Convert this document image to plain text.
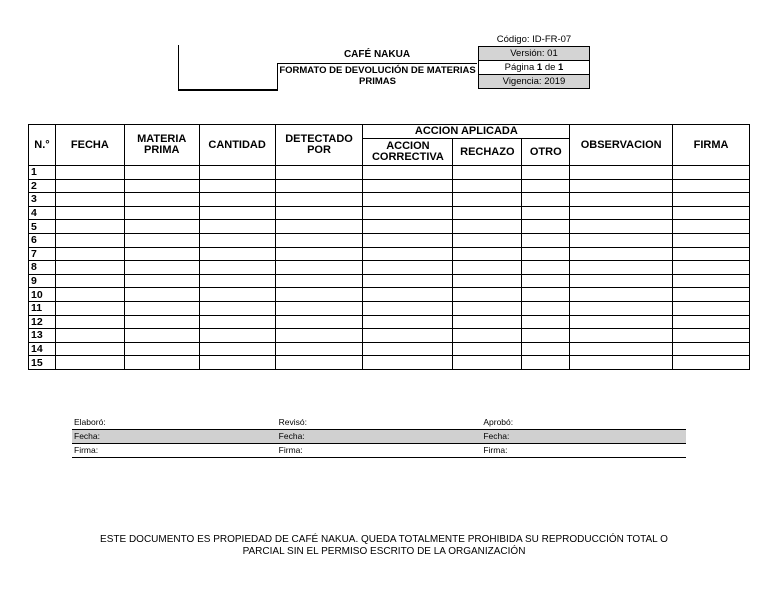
CAFÉ NAKUA
FORMATO DE DEVOLUCIÓN DE MATERIAS PRIMAS
Código: ID-FR-07
Versión: 01
Página 1 de 1
Vigencia: 2019
N.°	FECHA	MATERIA PRIMA	CANTIDAD	DETECTADO POR	ACCION APLICADA			OBSERVACION	FIRMA
					ACCION CORRECTIVA	RECHAZO	OTRO		
1									
2									
3									
4									
5									
6									
7									
8									
9									
10									
11									
12									
13									
14									
15									
Elaboró:	Revisó:	Aprobó:
Fecha:	Fecha:	Fecha:
Firma:	Firma:	Firma:
ESTE DOCUMENTO ES PROPIEDAD DE CAFÉ NAKUA. QUEDA TOTALMENTE PROHIBIDA SU REPRODUCCIÓN TOTAL O
PARCIAL SIN EL PERMISO ESCRITO DE LA ORGANIZACIÓN
